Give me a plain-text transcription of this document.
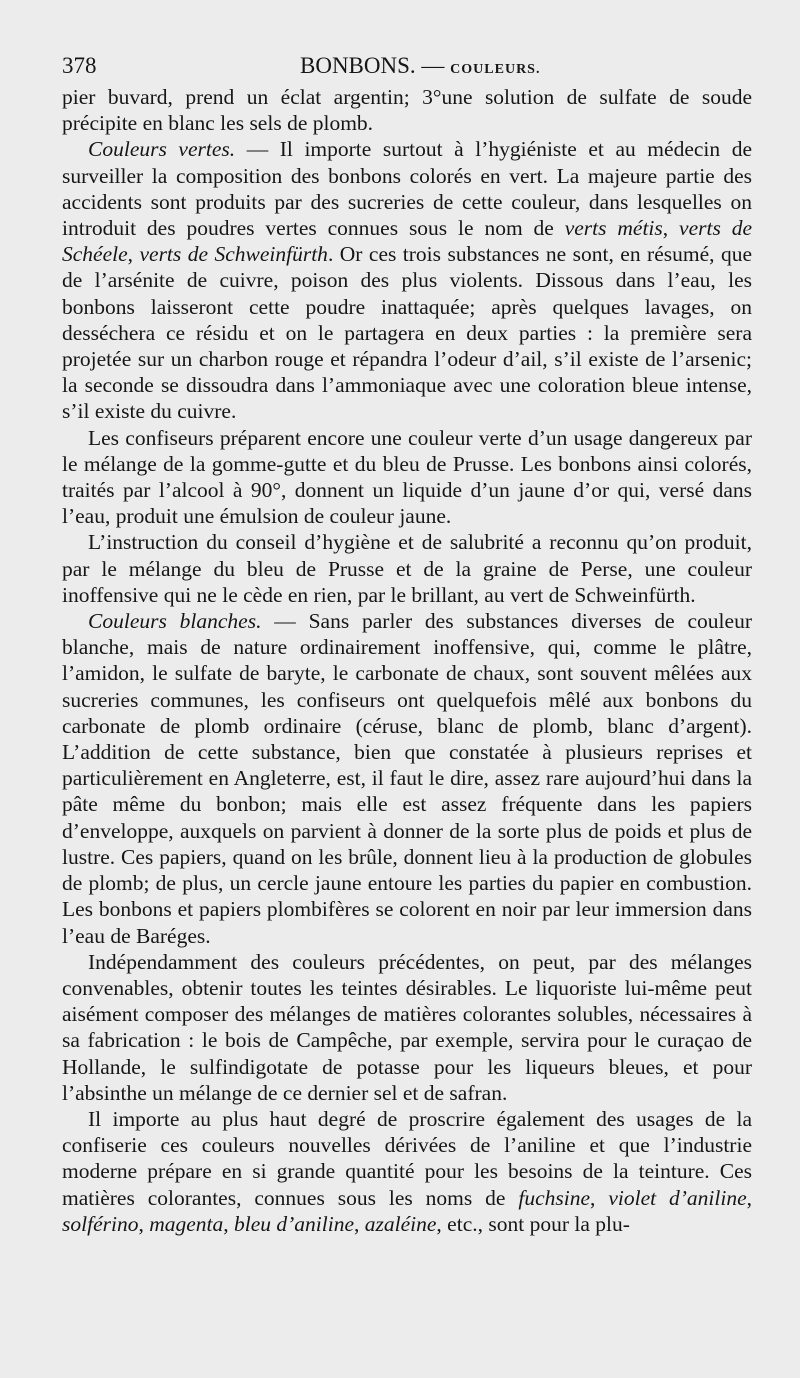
378	BONBONS. — COULEURS.

pier buvard, prend un éclat argentin; 3°une solution de sulfate de soude précipite en blanc les sels de plomb.

Couleurs vertes. — Il importe surtout à l’hygiéniste et au médecin de surveiller la composition des bonbons colorés en vert. La majeure partie des accidents sont produits par des sucreries de cette couleur, dans lesquelles on introduit des poudres vertes connues sous le nom de verts métis, verts de Schéele, verts de Schweinfürth. Or ces trois substances ne sont, en résumé, que de l’arsénite de cuivre, poison des plus violents. Dissous dans l’eau, les bonbons laisseront cette poudre inattaquée; après quelques lavages, on desséchera ce résidu et on le partagera en deux parties : la première sera projetée sur un charbon rouge et répandra l’odeur d’ail, s’il existe de l’arsenic; la seconde se dissoudra dans l’ammoniaque avec une coloration bleue intense, s’il existe du cuivre.

Les confiseurs préparent encore une couleur verte d’un usage dangereux par le mélange de la gomme-gutte et du bleu de Prusse. Les bonbons ainsi colorés, traités par l’alcool à 90°, donnent un liquide d’un jaune d’or qui, versé dans l’eau, produit une émulsion de couleur jaune.

L’instruction du conseil d’hygiène et de salubrité a reconnu qu’on produit, par le mélange du bleu de Prusse et de la graine de Perse, une couleur inoffensive qui ne le cède en rien, par le brillant, au vert de Schweinfürth.

Couleurs blanches. — Sans parler des substances diverses de couleur blanche, mais de nature ordinairement inoffensive, qui, comme le plâtre, l’amidon, le sulfate de baryte, le carbonate de chaux, sont souvent mêlées aux sucreries communes, les confiseurs ont quelquefois mêlé aux bonbons du carbonate de plomb ordinaire (céruse, blanc de plomb, blanc d’argent). L’addition de cette substance, bien que constatée à plusieurs reprises et particulièrement en Angleterre, est, il faut le dire, assez rare aujourd’hui dans la pâte même du bonbon; mais elle est assez fréquente dans les papiers d’enveloppe, auxquels on parvient à donner de la sorte plus de poids et plus de lustre. Ces papiers, quand on les brûle, donnent lieu à la production de globules de plomb; de plus, un cercle jaune entoure les parties du papier en combustion. Les bonbons et papiers plombifères se colorent en noir par leur immersion dans l’eau de Baréges.

Indépendamment des couleurs précédentes, on peut, par des mélanges convenables, obtenir toutes les teintes désirables. Le liquoriste lui-même peut aisément composer des mélanges de matières colorantes solubles, nécessaires à sa fabrication : le bois de Campêche, par exemple, servira pour le curaçao de Hollande, le sulfindigotate de potasse pour les liqueurs bleues, et pour l’absinthe un mélange de ce dernier sel et de safran.

Il importe au plus haut degré de proscrire également des usages de la confiserie ces couleurs nouvelles dérivées de l’aniline et que l’industrie moderne prépare en si grande quantité pour les besoins de la teinture. Ces matières colorantes, connues sous les noms de fuchsine, violet d’aniline, solférino, magenta, bleu d’aniline, azaléine, etc., sont pour la plu-
